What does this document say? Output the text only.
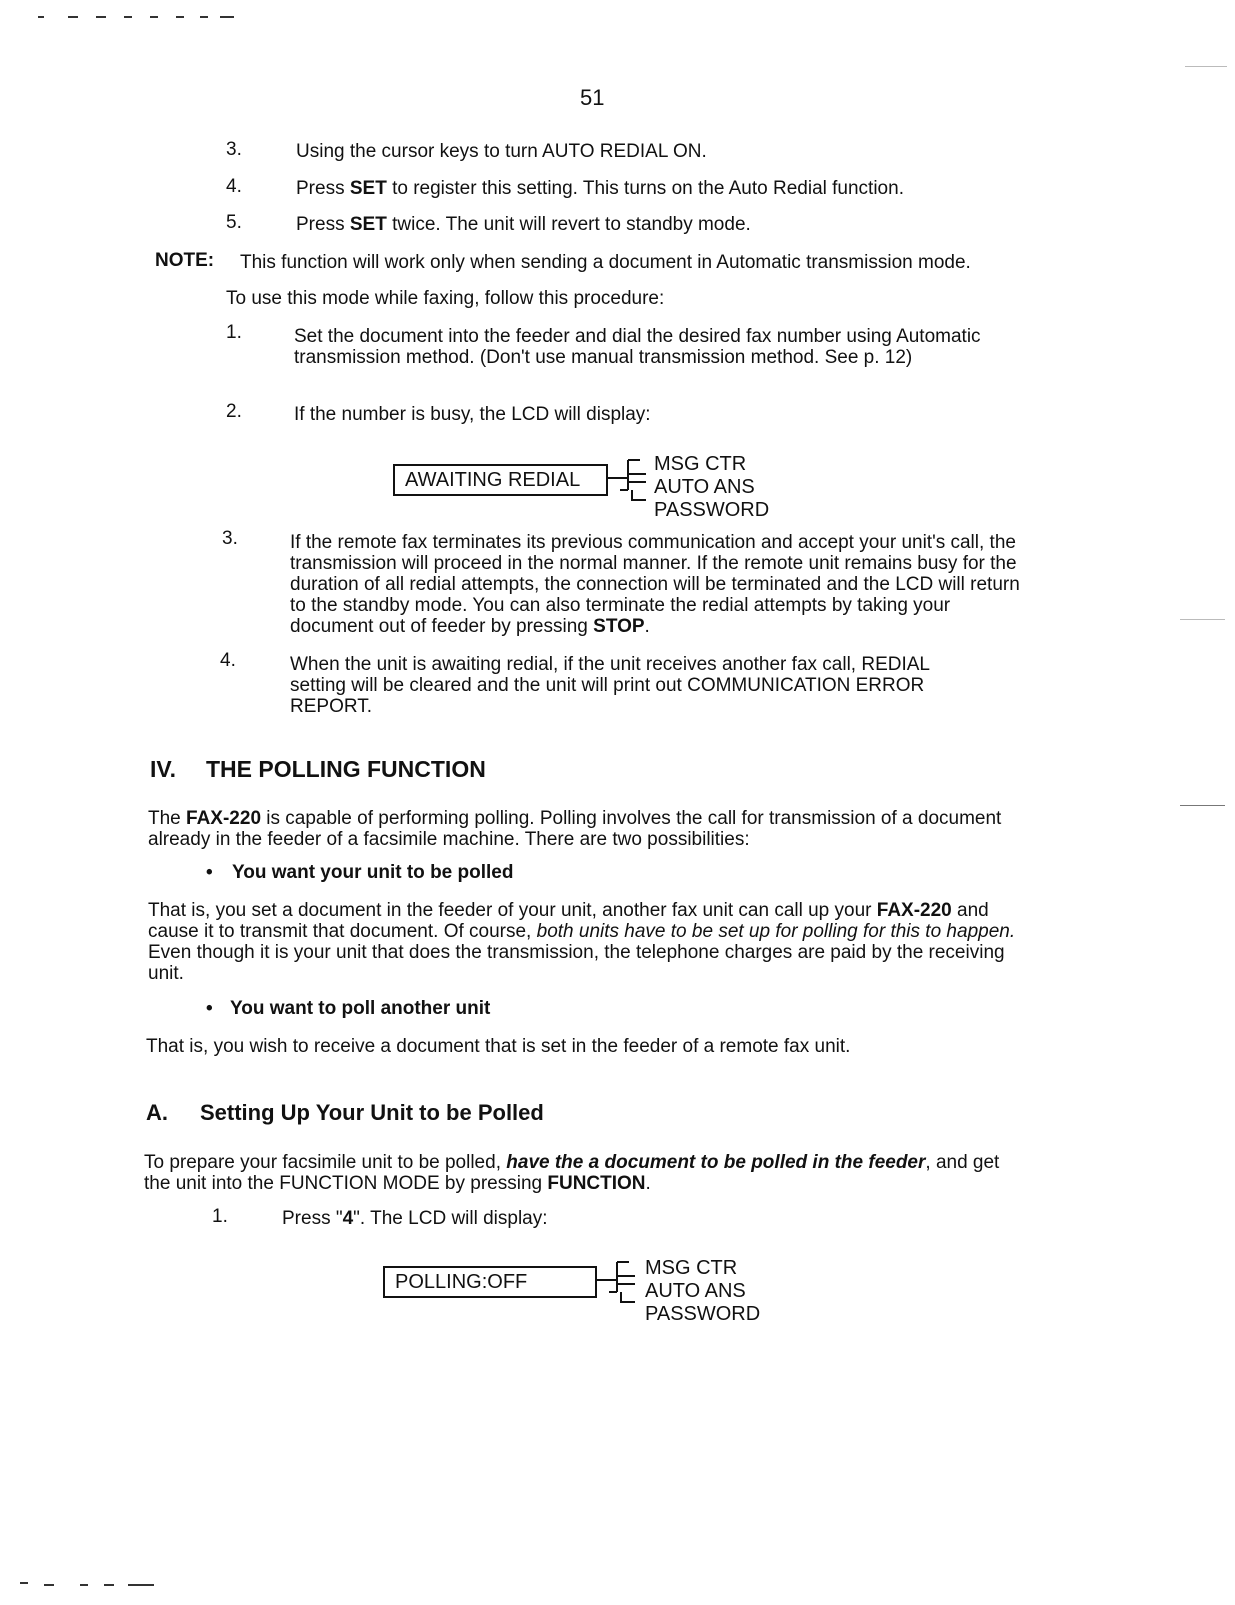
51
3.	Using the cursor keys to turn AUTO REDIAL ON.
4.	Press SET to register this setting. This turns on the Auto Redial function.
5.	Press SET twice. The unit will revert to standby mode.
NOTE: This function will work only when sending a document in Automatic transmission mode.
To use this mode while faxing, follow this procedure:
1.	Set the document into the feeder and dial the desired fax number using Automatic transmission method. (Don't use manual transmission method. See p. 12)
2.	If the number is busy, the LCD will display:
AWAITING REDIAL
MSG CTR
AUTO ANS
PASSWORD
3.	If the remote fax terminates its previous communication and accept your unit's call, the transmission will proceed in the normal manner. If the remote unit remains busy for the duration of all redial attempts, the connection will be terminated and the LCD will return to the standby mode. You can also terminate the redial attempts by taking your document out of feeder by pressing STOP.
4.	When the unit is awaiting redial, if the unit receives another fax call, REDIAL setting will be cleared and the unit will print out COMMUNICATION ERROR REPORT.
IV. THE POLLING FUNCTION
The FAX-220 is capable of performing polling. Polling involves the call for transmission of a document already in the feeder of a facsimile machine. There are two possibilities:
• You want your unit to be polled
That is, you set a document in the feeder of your unit, another fax unit can call up your FAX-220 and cause it to transmit that document. Of course, both units have to be set up for polling for this to happen. Even though it is your unit that does the transmission, the telephone charges are paid by the receiving unit.
• You want to poll another unit
That is, you wish to receive a document that is set in the feeder of a remote fax unit.
A. Setting Up Your Unit to be Polled
To prepare your facsimile unit to be polled, have the a document to be polled in the feeder, and get the unit into the FUNCTION MODE by pressing FUNCTION.
1.	Press "4". The LCD will display:
POLLING:OFF
MSG CTR
AUTO ANS
PASSWORD
